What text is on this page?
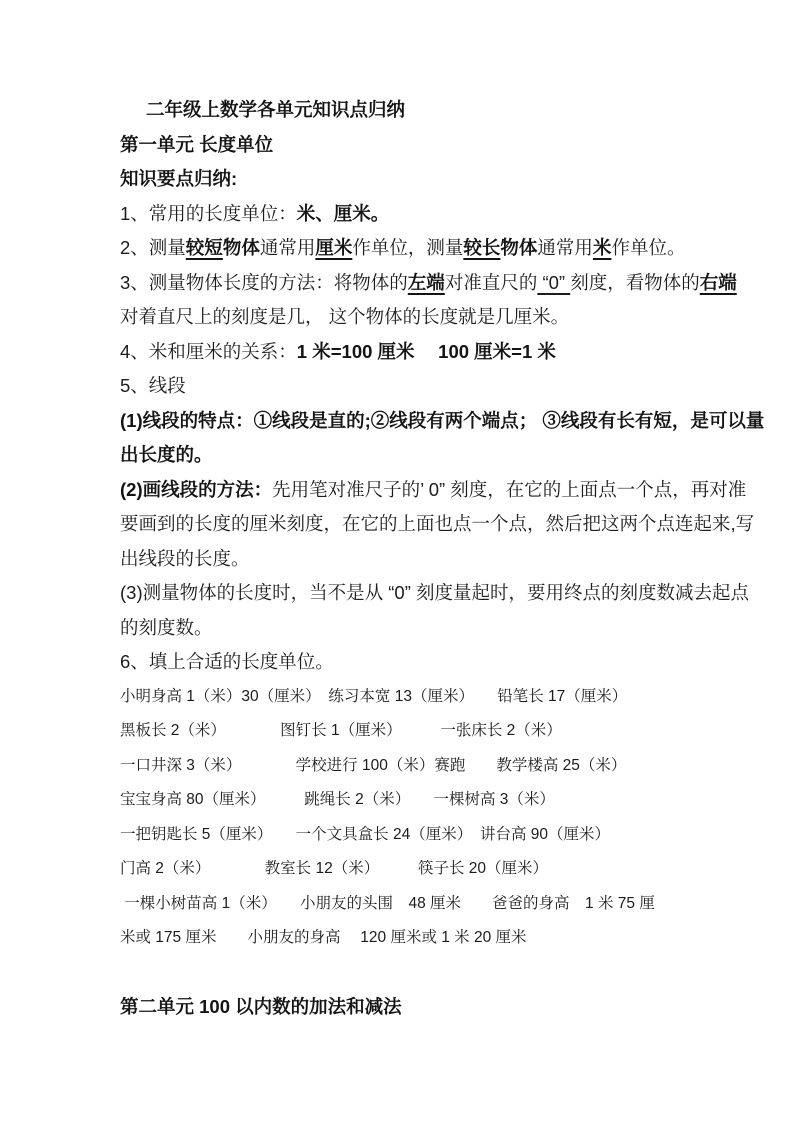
二年级上数学各单元知识点归纳
第一单元 长度单位
知识要点归纳:
1、常用的长度单位：米、厘米。
2、测量较短物体通常用厘米作单位，测量较长物体通常用米作单位。
3、测量物体长度的方法：将物体的左端对准直尺的 “0” 刻度，看物体的右端
对着直尺上的刻度是几， 这个物体的长度就是几厘米。
4、米和厘米的关系：1 米=100 厘米　 100 厘米=1 米
5、线段
(1)线段的特点：①线段是直的;②线段有两个端点； ③线段有长有短，是可以量
出长度的。
(2)画线段的方法：先用笔对准尺子的’ 0” 刻度，在它的上面点一个点，再对准
要画到的长度的厘米刻度，在它的上面也点一个点，然后把这两个点连起来,写
出线段的长度。
(3)测量物体的长度时，当不是从 “0” 刻度量起时，要用终点的刻度数减去起点
的刻度数。
6、填上合适的长度单位。
小明身高 1（米）30（厘米）　练习本宽 13（厘米）　　铅笔长 17（厘米）
黑板长 2（米）　　　　图钉长 1（厘米）　　　一张床长 2（米）
一口井深 3（米）　　　　学校进行 100（米）赛跑　　教学楼高 25（米）
宝宝身高 80（厘米）　　　跳绳长 2（米）　　一棵树高 3（米）
一把钥匙长 5（厘米）　　一个文具盒长 24（厘米）　讲台高 90（厘米）
门高 2（米）　　　　教室长 12（米）　　　筷子长 20（厘米）
一棵小树苗高 1（米）　　小朋友的头围　48 厘米　　爸爸的身高　1 米 75 厘
米或 175 厘米　　小朋友的身高　 120 厘米或 1 米 20 厘米
第二单元 100 以内数的加法和减法
